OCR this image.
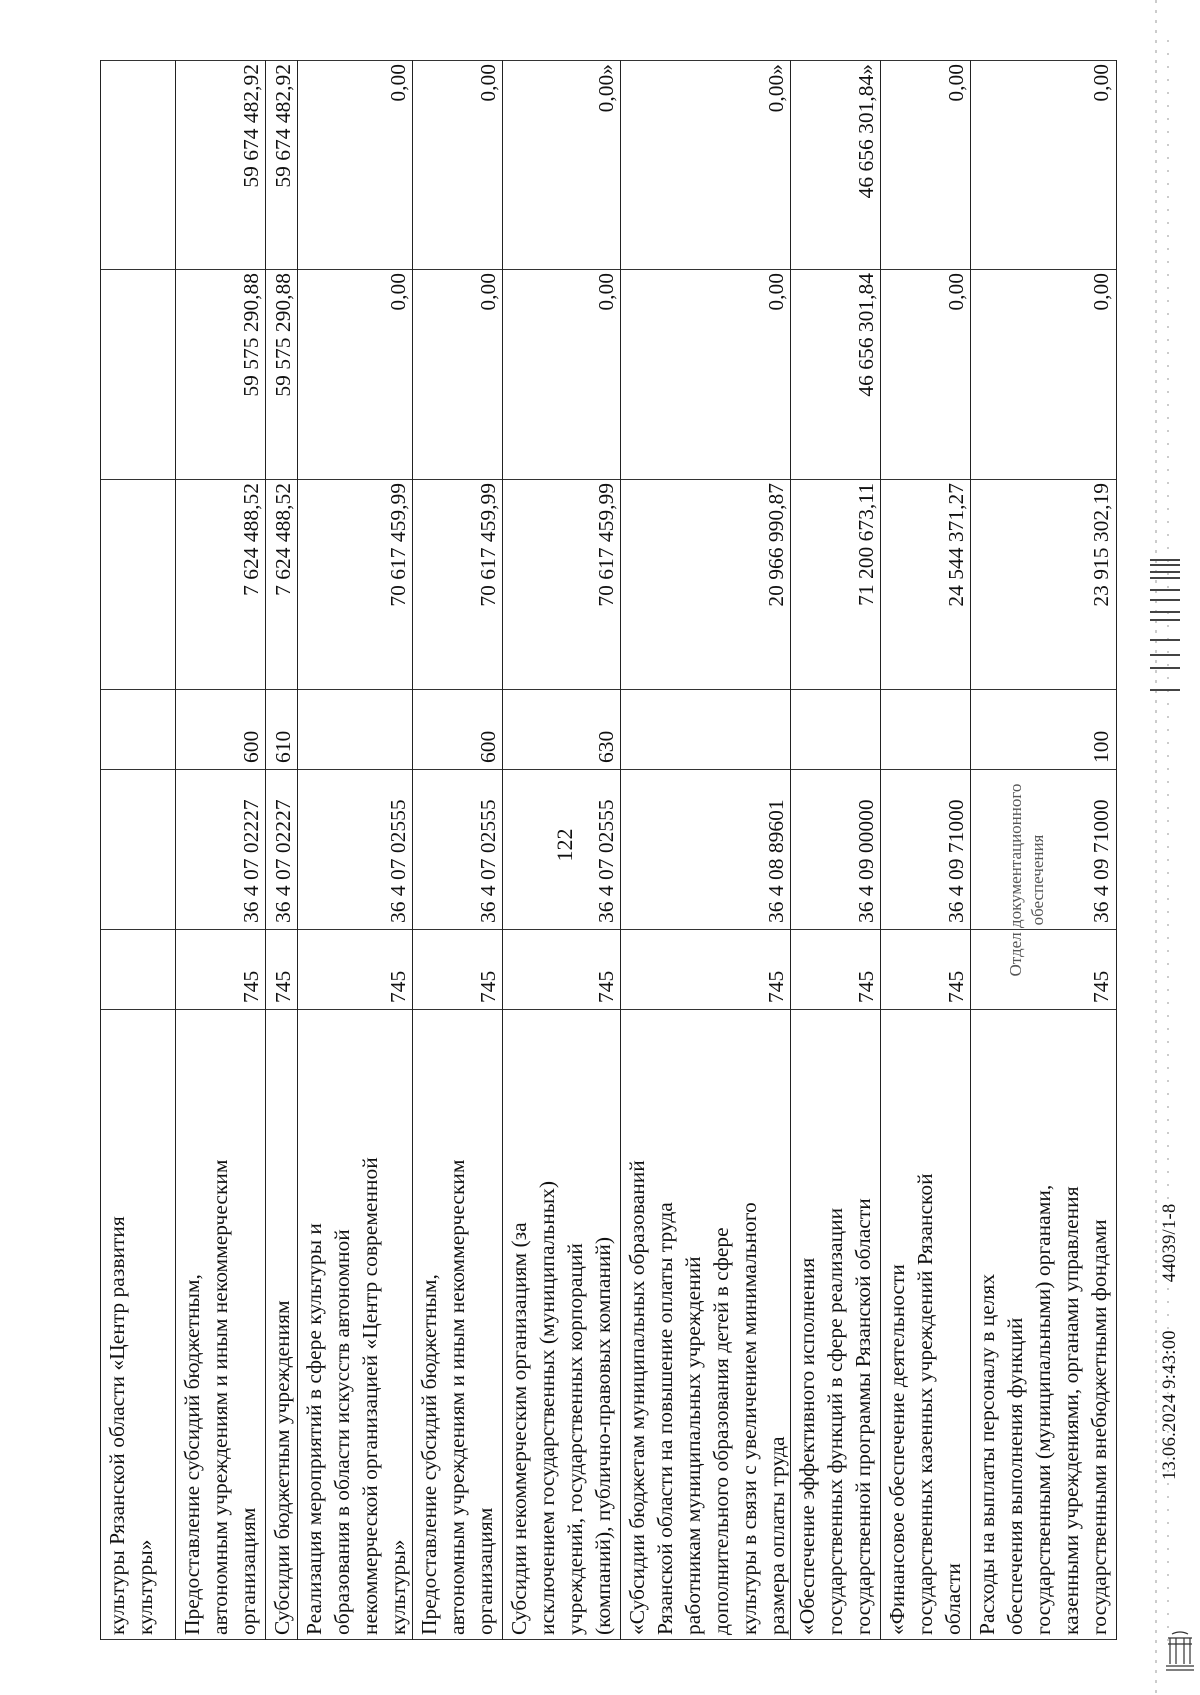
122
культуры Рязанской области «Центр развития
культуры»	Предоставление субсидий бюджетным,
автономным учреждениям и иным некоммерческим
организациям
745
36 4 07 02227
600
7 624 488,52
59 575 290,88
59 674 482,92
Субсидии бюджетным учреждениям
745
36 4 07 02227
610
7 624 488,52
59 575 290,88
59 674 482,92
Реализация мероприятий в сфере культуры и
образования в области искусств автономной
некоммерческой организацией «Центр современной
культуры»
745
36 4 07 02555
70 617 459,99
0,00
0,00
Предоставление субсидий бюджетным,
автономным учреждениям и иным некоммерческим
организациям
745
36 4 07 02555
600
70 617 459,99
0,00
0,00
Субсидии некоммерческим организациям (за
исключением государственных (муниципальных)
учреждений, государственных корпораций
(компаний), публично-правовых компаний)
745
36 4 07 02555
630
70 617 459,99
0,00
0,00»
«Субсидии бюджетам муниципальных образований
Рязанской области на повышение оплаты труда
работникам муниципальных учреждений
дополнительного образования детей в сфере
культуры в связи с увеличением минимального
размера оплаты труда
745
36 4 08 89601
20 966 990,87
0,00
0,00»
«Обеспечение эффективного исполнения
государственных функций в сфере реализации
государственной программы Рязанской области
745
36 4 09 00000
71 200 673,11
46 656 301,84
46 656 301,84»
«Финансовое обеспечение деятельности
государственных казенных учреждений Рязанской
области
745
36 4 09 71000
24 544 371,27
0,00
0,00
Расходы на выплаты персоналу в целях
обеспечения выполнения функций
государственными (муниципальными) органами,
казенными учреждениями, органами управления
государственными внебюджетными фондами
745
36 4 09 71000
100
23 915 302,19
0,00
0,00
Отдел документационного обеспечения
13.06.2024 9:43:0044039/1-8
